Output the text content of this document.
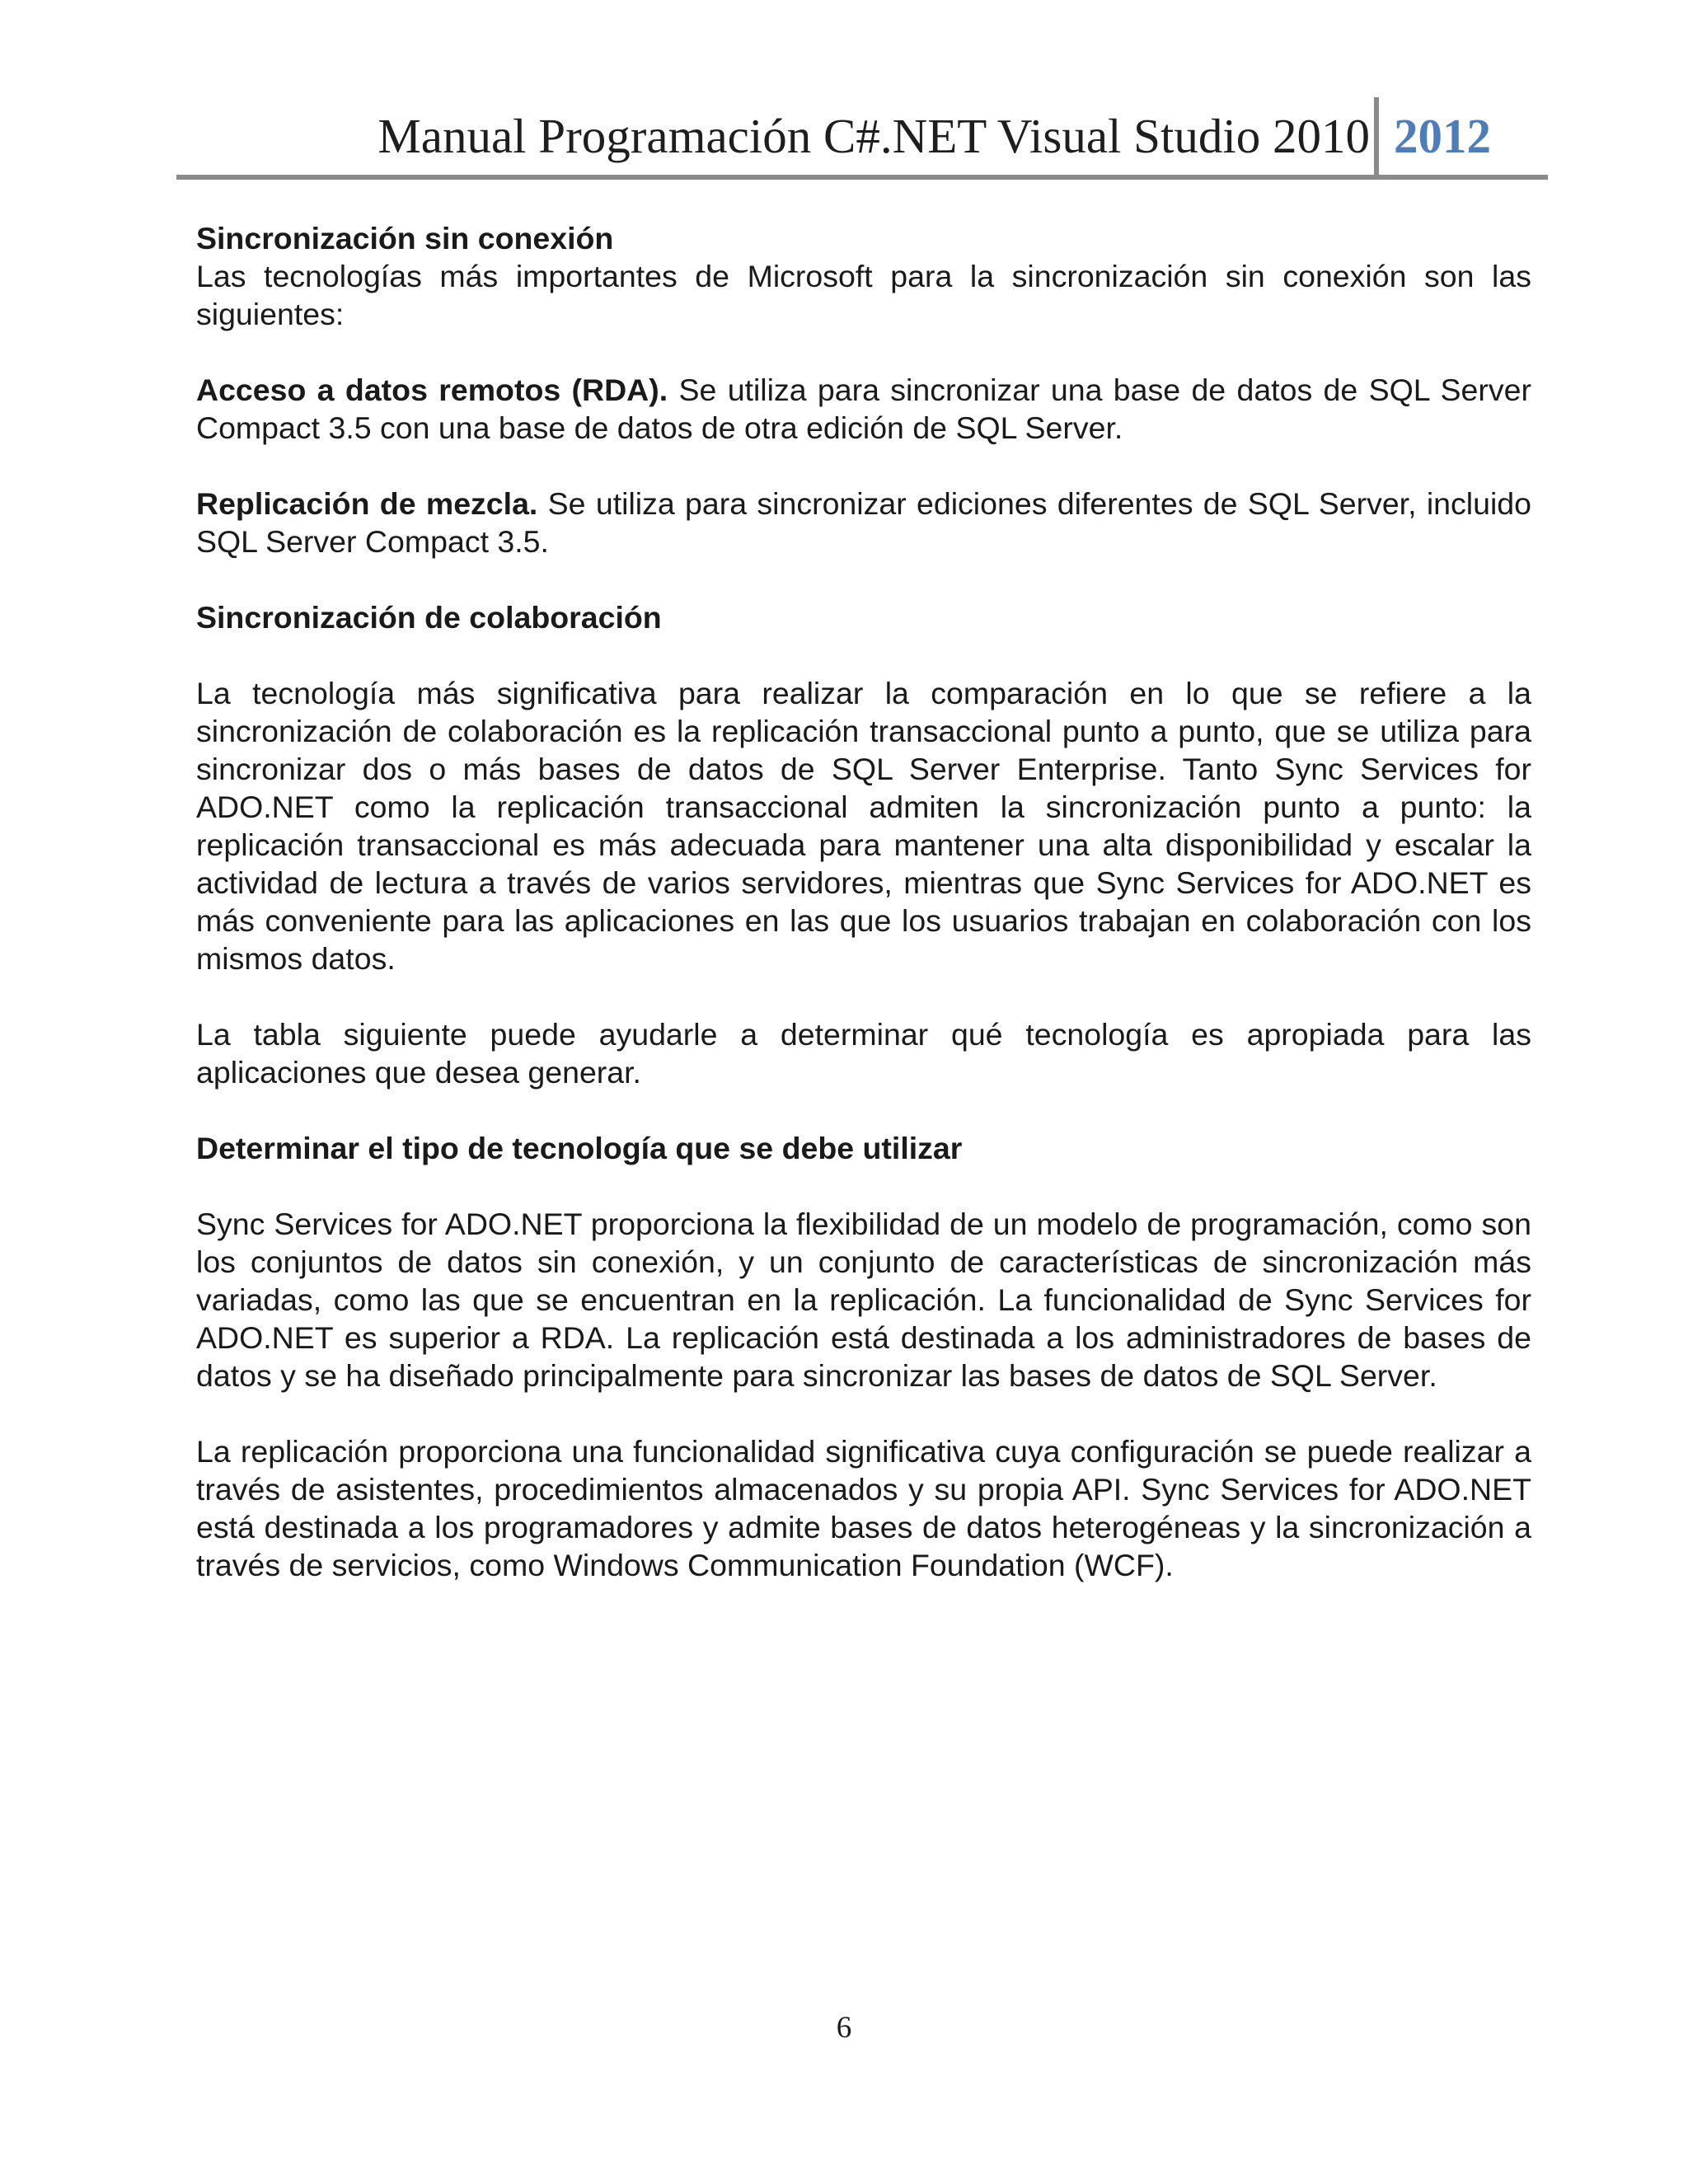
Manual Programación C#.NET Visual Studio 2010 2012

Sincronización sin conexión

Las tecnologías más importantes de Microsoft para la sincronización sin conexión son las siguientes:

Acceso a datos remotos (RDA). Se utiliza para sincronizar una base de datos de SQL Server Compact 3.5 con una base de datos de otra edición de SQL Server.

Replicación de mezcla. Se utiliza para sincronizar ediciones diferentes de SQL Server, incluido SQL Server Compact 3.5.

Sincronización de colaboración

La tecnología más significativa para realizar la comparación en lo que se refiere a la sincronización de colaboración es la replicación transaccional punto a punto, que se utiliza para sincronizar dos o más bases de datos de SQL Server Enterprise. Tanto Sync Services for ADO.NET como la replicación transaccional admiten la sincronización punto a punto: la replicación transaccional es más adecuada para mantener una alta disponibilidad y escalar la actividad de lectura a través de varios servidores, mientras que Sync Services for ADO.NET es más conveniente para las aplicaciones en las que los usuarios trabajan en colaboración con los mismos datos.

La tabla siguiente puede ayudarle a determinar qué tecnología es apropiada para las aplicaciones que desea generar.

Determinar el tipo de tecnología que se debe utilizar

Sync Services for ADO.NET proporciona la flexibilidad de un modelo de programación, como son los conjuntos de datos sin conexión, y un conjunto de características de sincronización más variadas, como las que se encuentran en la replicación. La funcionalidad de Sync Services for ADO.NET es superior a RDA. La replicación está destinada a los administradores de bases de datos y se ha diseñado principalmente para sincronizar las bases de datos de SQL Server.

La replicación proporciona una funcionalidad significativa cuya configuración se puede realizar a través de asistentes, procedimientos almacenados y su propia API. Sync Services for ADO.NET está destinada a los programadores y admite bases de datos heterogéneas y la sincronización a través de servicios, como Windows Communication Foundation (WCF).

6
